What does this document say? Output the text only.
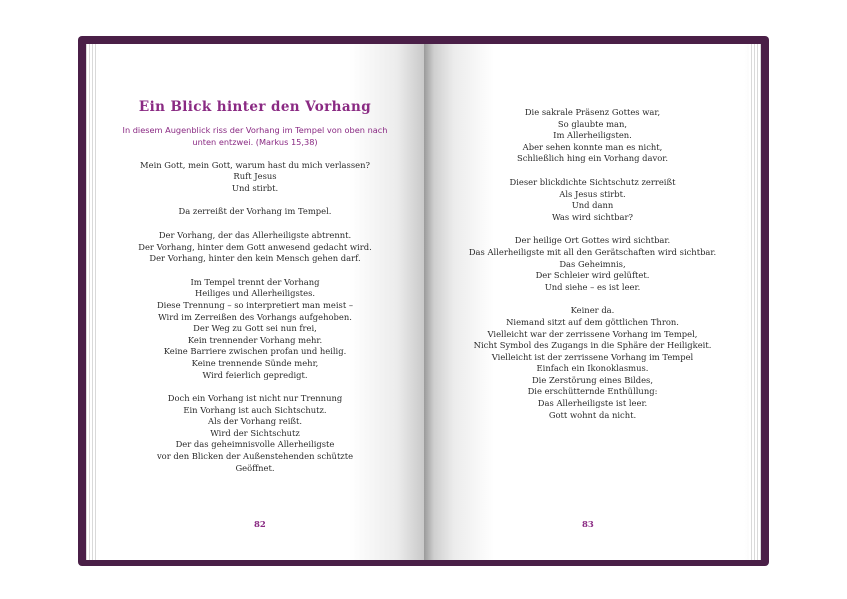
Ein Blick hinter den Vorhang
In diesem Augenblick riss der Vorhang im Tempel von oben nach unten entzwei. (Markus 15,38)
Mein Gott, mein Gott, warum hast du mich verlassen?
Ruft Jesus
Und stirbt.
Da zerreißt der Vorhang im Tempel.
Der Vorhang, der das Allerheiligste abtrennt.
Der Vorhang, hinter dem Gott anwesend gedacht wird.
Der Vorhang, hinter den kein Mensch gehen darf.
Im Tempel trennt der Vorhang
Heiliges und Allerheiligstes.
Diese Trennung – so interpretiert man meist –
Wird im Zerreißen des Vorhangs aufgehoben.
Der Weg zu Gott sei nun frei,
Kein trennender Vorhang mehr.
Keine Barriere zwischen profan und heilig.
Keine trennende Sünde mehr,
Wird feierlich gepredigt.
Doch ein Vorhang ist nicht nur Trennung
Ein Vorhang ist auch Sichtschutz.
Als der Vorhang reißt.
Wird der Sichtschutz
Der das geheimnisvolle Allerheiligste
vor den Blicken der Außenstehenden schützte
Geöffnet.
82
Die sakrale Präsenz Gottes war,
So glaubte man,
Im Allerheiligsten.
Aber sehen konnte man es nicht,
Schließlich hing ein Vorhang davor.
Dieser blickdichte Sichtschutz zerreißt
Als Jesus stirbt.
Und dann
Was wird sichtbar?
Der heilige Ort Gottes wird sichtbar.
Das Allerheiligste mit all den Gerätschaften wird sichtbar.
Das Geheimnis,
Der Schleier wird gelüftet.
Und siehe – es ist leer.
Keiner da.
Niemand sitzt auf dem göttlichen Thron.
Vielleicht war der zerrissene Vorhang im Tempel,
Nicht Symbol des Zugangs in die Sphäre der Heiligkeit.
Vielleicht ist der zerrissene Vorhang im Tempel
Einfach ein Ikonoklasmus.
Die Zerstörung eines Bildes,
Die erschütternde Enthüllung:
Das Allerheiligste ist leer.
Gott wohnt da nicht.
83
